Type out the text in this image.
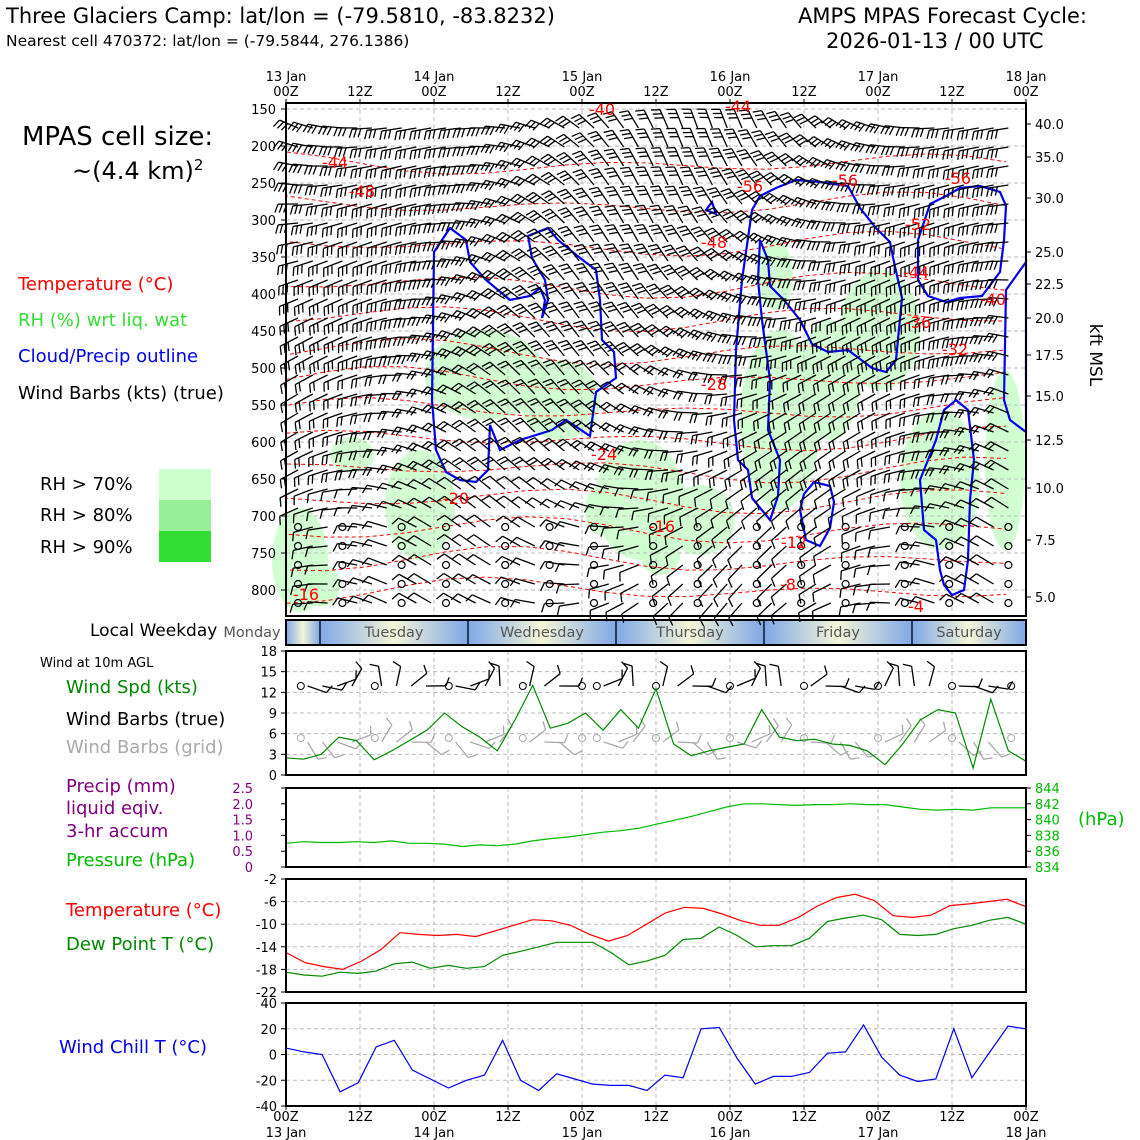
Three Glaciers Camp: lat/lon = (-79.5810, -83.8232)
Nearest cell 470372: lat/lon = (-79.5844, 276.1386)
AMPS MPAS Forecast Cycle:
2026-01-13 / 00 UTC
MPAS cell size:
~(4.4 km)$^2$
Temperature (°C)
RH (%) wrt liq. wat
Cloud/Precip outline
Wind Barbs (kts) (true)
RH > 70%
RH > 80%
RH > 90%
Local Weekday
Wind at 10m AGL
Wind Spd (kts)
Wind Barbs (true)
Wind Barbs (grid)
Precip (mm)
liquid eqiv.
3-hr accum
Pressure (hPa)
(hPa)
Temperature (°C)
Dew Point T (°C)
Wind Chill T (°C)
-40	-44
-44
-48	-56	-56	-56
-52
-48
-44
-40
-36
-32
-28
-24
-20
-16
-12
-8
-16
-4
150
200
250
300
350
400
450
500
550
600
650
700
750
800
40.0
35.0
30.0
25.0
22.5
20.0
17.5
15.0
12.5
10.0
7.5
5.0
kft MSL
13 Jan	14 Jan	15 Jan	16 Jan	17 Jan	18 Jan
00Z	12Z	00Z	12Z	00Z	12Z	00Z	12Z	00Z	12Z	00Z
Monday	Tuesday	Wednesday	Thursday	Friday	Saturday
0
3
6
9
12
15
18
0
0.5
1.0
1.5
2.0
2.5
834
836
838
840
842
844
-22
-18
-14
-10
-6
-2
-40
-20
0
20
40
00Z	12Z	00Z	12Z	00Z	12Z	00Z	12Z	00Z	12Z	00Z
13 Jan	14 Jan	15 Jan	16 Jan	17 Jan	18 Jan
